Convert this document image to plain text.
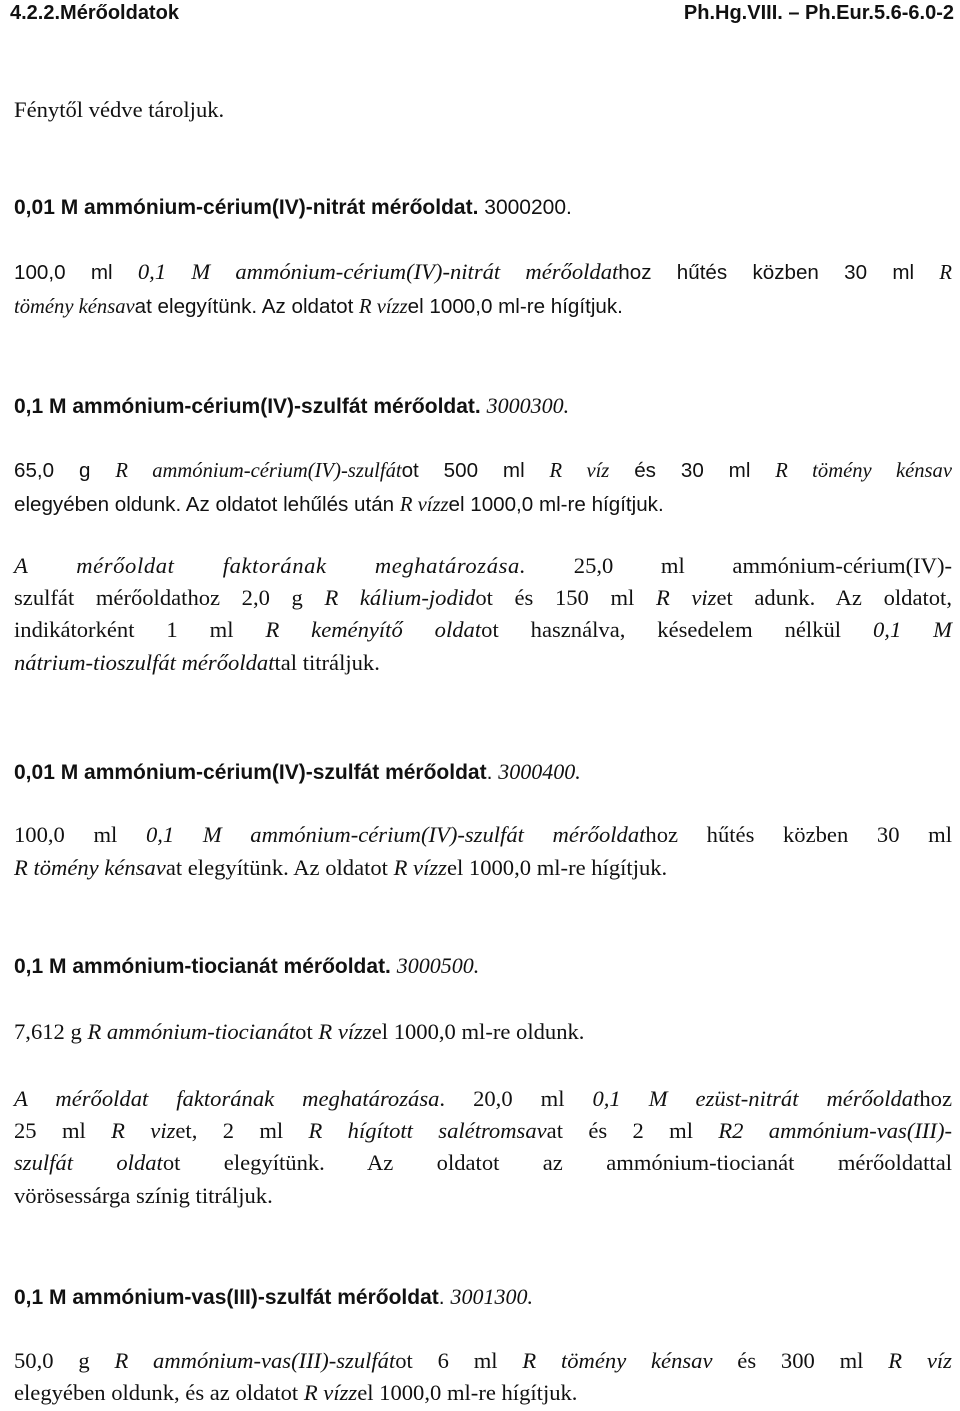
4.2.2.Mérőoldatok	Ph.Hg.VIII. – Ph.Eur.5.6-6.0-2

Fénytől védve tároljuk.

0,01 M ammónium-cérium(IV)-nitrát mérőoldat. 3000200.
100,0 ml 0,1 M ammónium-cérium(IV)-nitrát mérőoldathoz hűtés közben 30 ml R
tömény kénsavat elegyítünk. Az oldatot R vízzel 1000,0 ml-re hígítjuk.
0,1 M ammónium-cérium(IV)-szulfát mérőoldat. 3000300.
65,0 g R ammónium-cérium(IV)-szulfátot 500 ml R víz és 30 ml R tömény kénsav
elegyében oldunk. Az oldatot lehűlés után R vízzel 1000,0 ml-re hígítjuk.
A mérőoldat faktorának meghatározása. 25,0 ml ammónium-cérium(IV)-
szulfát mérőoldathoz 2,0 g R kálium-jodidot és 150 ml R vizet adunk. Az oldatot,
indikátorként 1 ml R keményítő oldatot használva, késedelem nélkül 0,1 M
nátrium-tioszulfát mérőoldattal titráljuk.
0,01 M ammónium-cérium(IV)-szulfát mérőoldat. 3000400.
100,0 ml 0,1 M ammónium-cérium(IV)-szulfát mérőoldathoz hűtés közben 30 ml
R tömény kénsavat elegyítünk. Az oldatot R vízzel 1000,0 ml-re hígítjuk.
0,1 M ammónium-tiocianát mérőoldat. 3000500.
7,612 g R ammónium-tiocianátot R vízzel 1000,0 ml-re oldunk.
A mérőoldat faktorának meghatározása. 20,0 ml 0,1 M ezüst-nitrát mérőoldathoz
25 ml R vizet, 2 ml R hígított salétromsavat és 2 ml R2 ammónium-vas(III)-
szulfát oldatot elegyítünk. Az oldatot az ammónium-tiocianát mérőoldattal
vörösessárga színig titráljuk.
0,1 M ammónium-vas(III)-szulfát mérőoldat. 3001300.
50,0 g R ammónium-vas(III)-szulfátot 6 ml R tömény kénsav és 300 ml R víz
elegyében oldunk, és az oldatot R vízzel 1000,0 ml-re hígítjuk.
